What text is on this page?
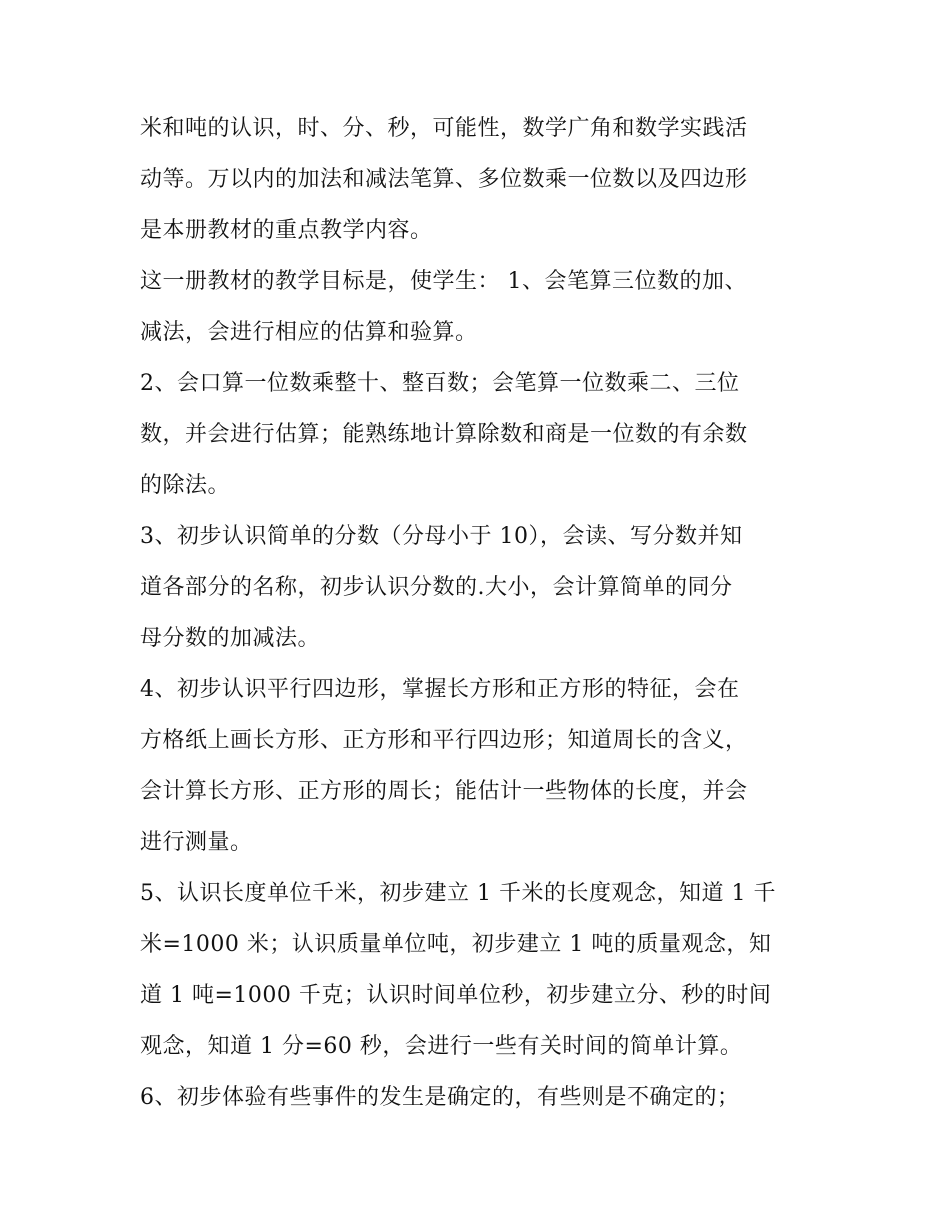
米和吨的认识，时、分、秒，可能性，数学广角和数学实践活
动等。万以内的加法和减法笔算、多位数乘一位数以及四边形
是本册教材的重点教学内容。
这一册教材的教学目标是，使学生： 1、会笔算三位数的加、
减法，会进行相应的估算和验算。
2、会口算一位数乘整十、整百数；会笔算一位数乘二、三位
数，并会进行估算；能熟练地计算除数和商是一位数的有余数
的除法。
3、初步认识简单的分数（分母小于 10），会读、写分数并知
道各部分的名称，初步认识分数的.大小，会计算简单的同分
母分数的加减法。
4、初步认识平行四边形，掌握长方形和正方形的特征，会在
方格纸上画长方形、正方形和平行四边形；知道周长的含义，
会计算长方形、正方形的周长；能估计一些物体的长度，并会
进行测量。
5、认识长度单位千米，初步建立 1 千米的长度观念，知道 1 千
米=1000 米；认识质量单位吨，初步建立 1 吨的质量观念，知
道 1 吨=1000 千克；认识时间单位秒，初步建立分、秒的时间
观念，知道 1 分=60 秒，会进行一些有关时间的简单计算。
6、初步体验有些事件的发生是确定的，有些则是不确定的；
